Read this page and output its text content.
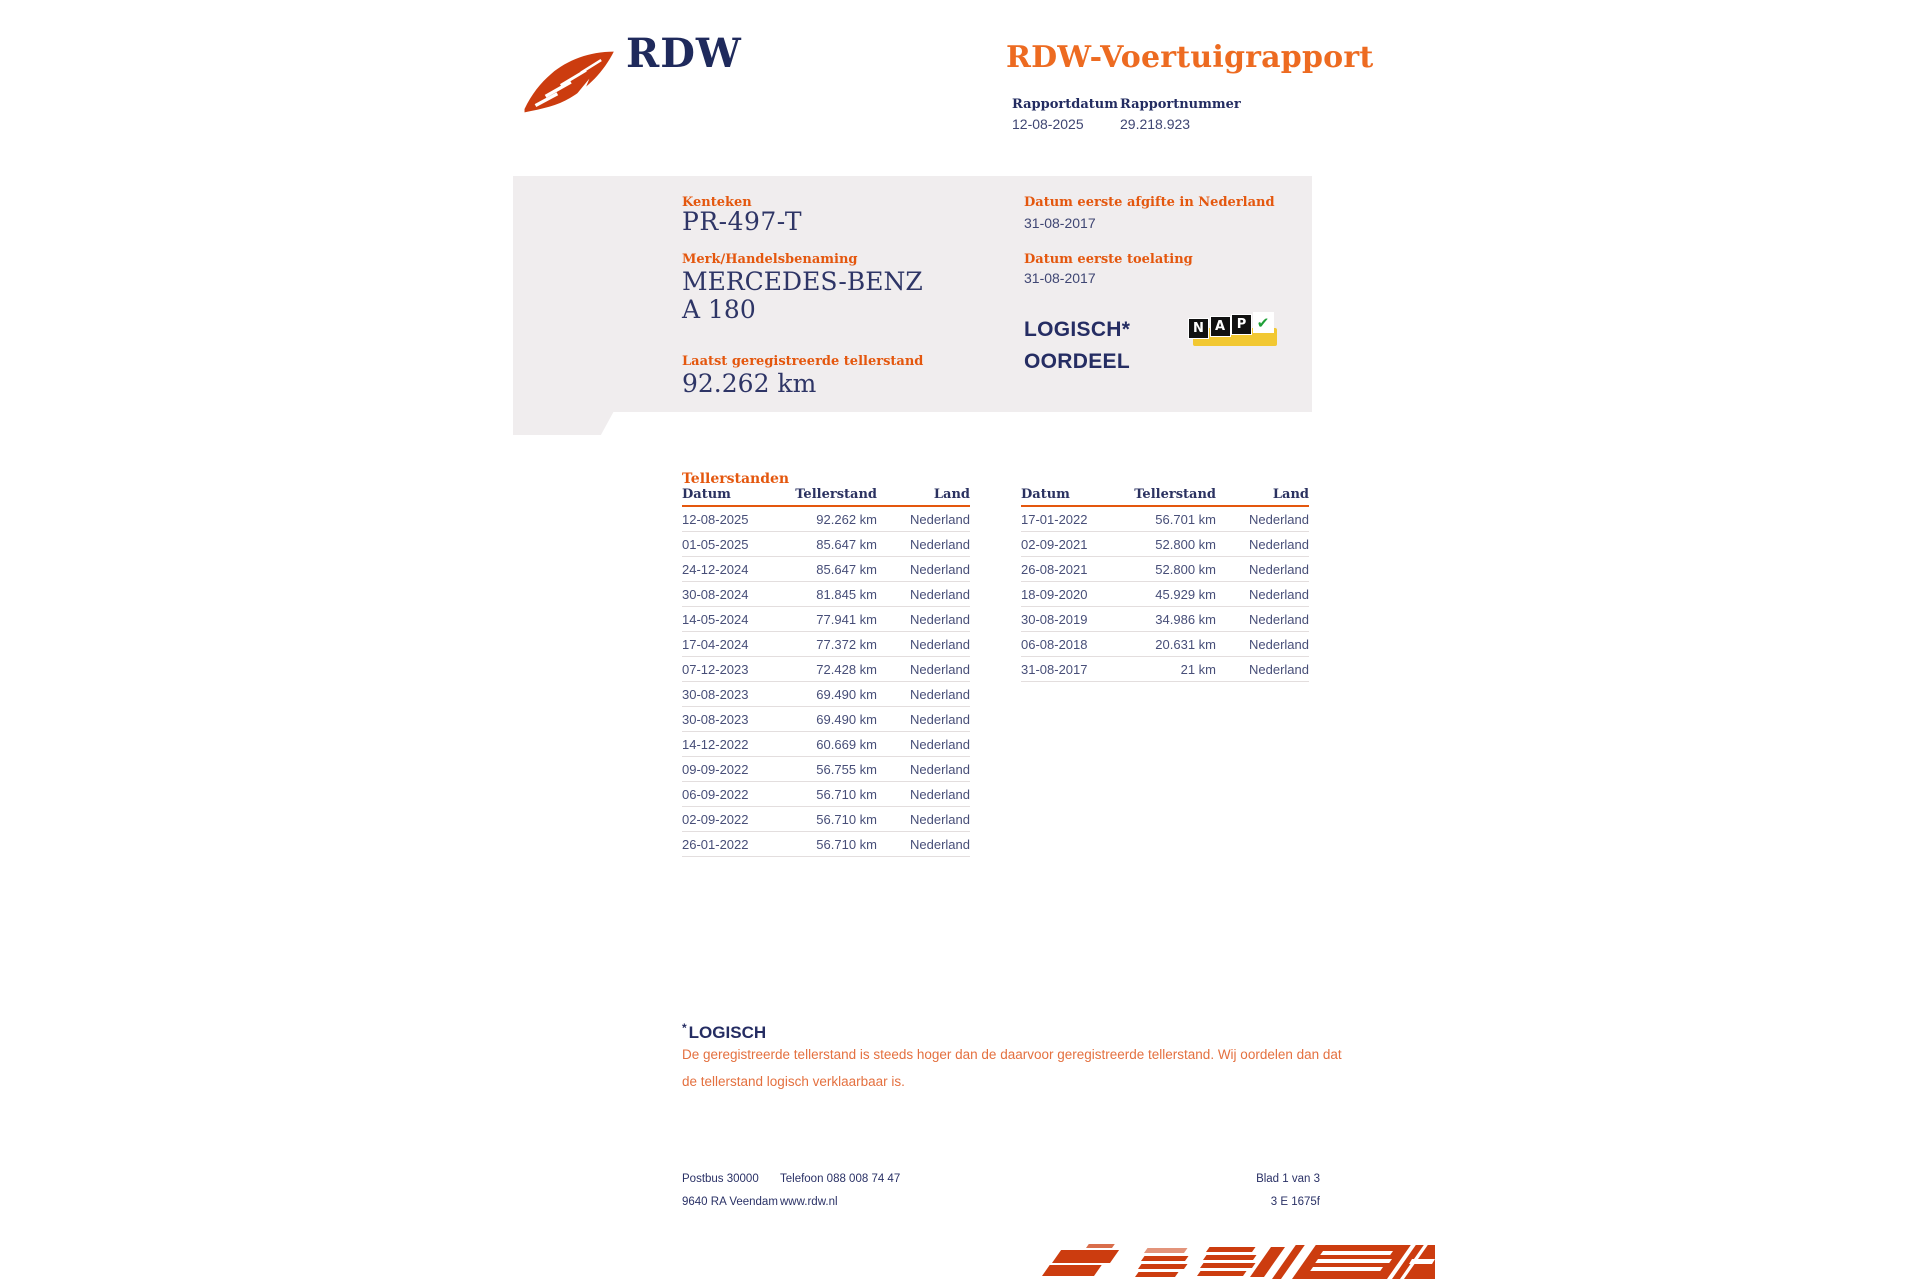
RDW	RDW-Voertuigrapport
Rapportdatum
12-08-2025
Rapportnummer
29.218.923
Kenteken
PR-497-T
Merk/Handelsbenaming
MERCEDES-BENZ A 180
Laatst geregistreerde tellerstand
92.262 km
Datum eerste afgifte in Nederland
31-08-2017
Datum eerste toelating
31-08-2017
LOGISCH*
OORDEEL
N A P ✔
Tellerstanden
Datum	Tellerstand	Land
12-08-2025	92.262 km	Nederland
01-05-2025	85.647 km	Nederland
24-12-2024	85.647 km	Nederland
30-08-2024	81.845 km	Nederland
14-05-2024	77.941 km	Nederland
17-04-2024	77.372 km	Nederland
07-12-2023	72.428 km	Nederland
30-08-2023	69.490 km	Nederland
30-08-2023	69.490 km	Nederland
14-12-2022	60.669 km	Nederland
09-09-2022	56.755 km	Nederland
06-09-2022	56.710 km	Nederland
02-09-2022	56.710 km	Nederland
26-01-2022	56.710 km	Nederland
Datum	Tellerstand	Land
17-01-2022	56.701 km	Nederland
02-09-2021	52.800 km	Nederland
26-08-2021	52.800 km	Nederland
18-09-2020	45.929 km	Nederland
30-08-2019	34.986 km	Nederland
06-08-2018	20.631 km	Nederland
31-08-2017	21 km	Nederland
* LOGISCH
De geregistreerde tellerstand is steeds hoger dan de daarvoor geregistreerde tellerstand. Wij oordelen dan dat de tellerstand logisch verklaarbaar is.
Postbus 30000
9640 RA Veendam
Telefoon 088 008 74 47
www.rdw.nl
Blad 1 van 3
3 E 1675f
